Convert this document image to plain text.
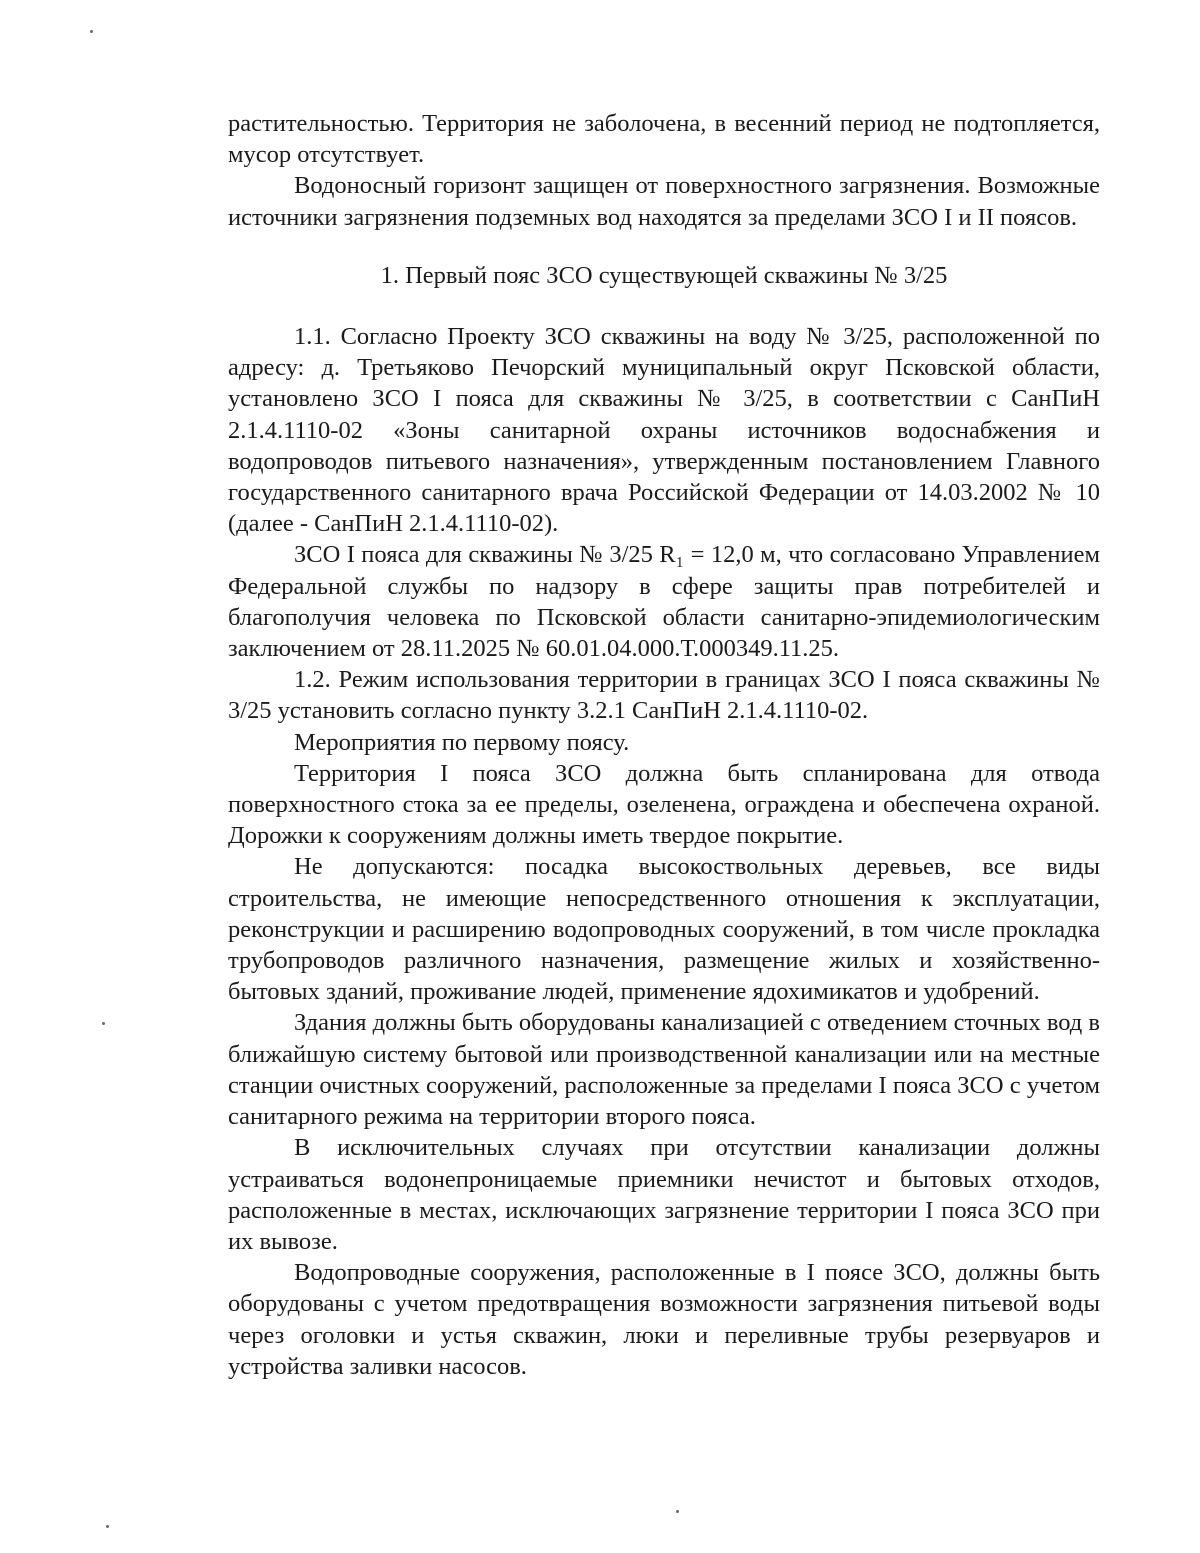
растительностью. Территория не заболочена, в весенний период не подтопляется, мусор отсутствует.

Водоносный горизонт защищен от поверхностного загрязнения. Возможные источники загрязнения подземных вод находятся за пределами ЗСО I и II поясов.

1. Первый пояс ЗСО существующей скважины № 3/25

1.1. Согласно Проекту ЗСО скважины на воду № 3/25, расположенной по адресу: д. Третьяково Печорский муниципальный округ Псковской области, установлено ЗСО I пояса для скважины № 3/25, в соответствии с СанПиН 2.1.4.1110-02 «Зоны санитарной охраны источников водоснабжения и водопроводов питьевого назначения», утвержденным постановлением Главного государственного санитарного врача Российской Федерации от 14.03.2002 № 10 (далее - СанПиН 2.1.4.1110-02).

ЗСО I пояса для скважины № 3/25 R₁ = 12,0 м, что согласовано Управлением Федеральной службы по надзору в сфере защиты прав потребителей и благополучия человека по Псковской области санитарно-эпидемиологическим заключением от 28.11.2025 № 60.01.04.000.Т.000349.11.25.

1.2. Режим использования территории в границах ЗСО I пояса скважины № 3/25 установить согласно пункту 3.2.1 СанПиН 2.1.4.1110-02.

Мероприятия по первому поясу.

Территория I пояса ЗСО должна быть спланирована для отвода поверхностного стока за ее пределы, озеленена, ограждена и обеспечена охраной. Дорожки к сооружениям должны иметь твердое покрытие.

Не допускаются: посадка высокоствольных деревьев, все виды строительства, не имеющие непосредственного отношения к эксплуатации, реконструкции и расширению водопроводных сооружений, в том числе прокладка трубопроводов различного назначения, размещение жилых и хозяйственно-бытовых зданий, проживание людей, применение ядохимикатов и удобрений.

Здания должны быть оборудованы канализацией с отведением сточных вод в ближайшую систему бытовой или производственной канализации или на местные станции очистных сооружений, расположенные за пределами I пояса ЗСО с учетом санитарного режима на территории второго пояса.

В исключительных случаях при отсутствии канализации должны устраиваться водонепроницаемые приемники нечистот и бытовых отходов, расположенные в местах, исключающих загрязнение территории I пояса ЗСО при их вывозе.

Водопроводные сооружения, расположенные в I поясе ЗСО, должны быть оборудованы с учетом предотвращения возможности загрязнения питьевой воды через оголовки и устья скважин, люки и переливные трубы резервуаров и устройства заливки насосов.
